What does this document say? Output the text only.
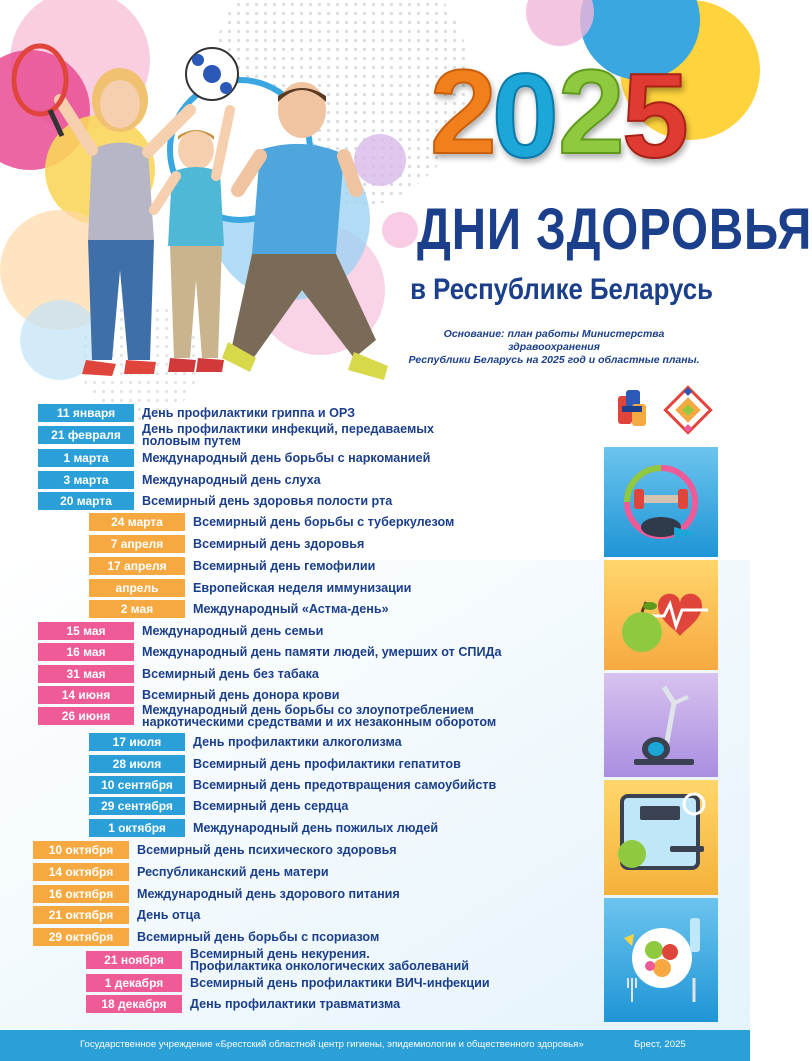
2
0 2
5
ДНИ ЗДОРОВЬЯ
в Республике Беларусь
Основание: план работы Министерства здравоохранения
Республики Беларусь на 2025 год и областные планы.
11 января	День профилактики гриппа и ОРЗ
21 февраля	День профилактики инфекций, передаваемых
половым путем
1 марта	Международный день борьбы с наркоманией
3 марта	Международный день слуха
20 марта	Всемирный день здоровья полости рта
24 марта	Всемирный день борьбы с туберкулезом
7 апреля	Всемирный день здоровья
17 апреля	Всемирный день гемофилии
апрель	Европейская неделя иммунизации
2 мая	Международный «Астма-день»
15 мая	Международный день семьи
16 мая	Международный день памяти людей, умерших от СПИДа
31 мая	Всемирный день без табака
14 июня	Всемирный день донора крови
26 июня	Международный день борьбы со злоупотреблением
наркотическими средствами и их незаконным оборотом
17 июля	День профилактики алкоголизма
28 июля	Всемирный день профилактики гепатитов
10 сентября	Всемирный день предотвращения самоубийств
29 сентября	Всемирный день сердца
1 октября	Международный день пожилых людей
10 октября	Всемирный день психического здоровья
14 октября	Республиканский день матери
16 октября	Международный день здорового питания
21 октября	День отца
29 октября	Всемирный день борьбы с псориазом
21 ноября	Всемирный день некурения.
Профилактика онкологических заболеваний
1 декабря	Всемирный день профилактики ВИЧ-инфекции
18 декабря	День профилактики травматизма
Государственное учреждение «Брестский областной центр гигиены, эпидемиологии и общественного здоровья»	Брест, 2025
